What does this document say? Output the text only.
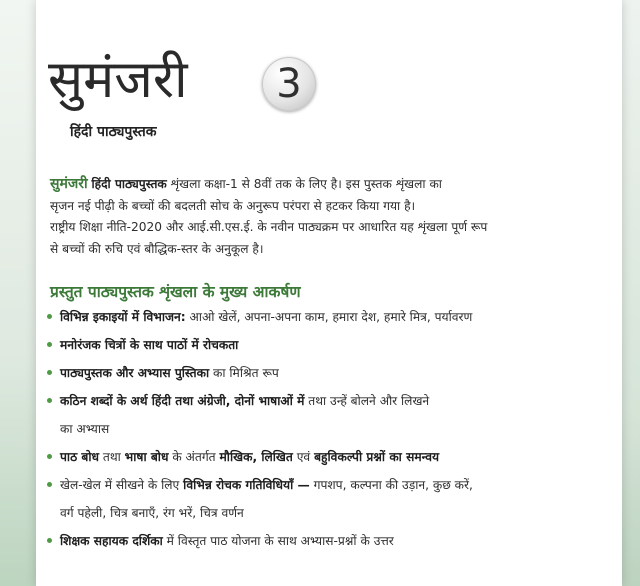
सुमंजरी 3
हिंदी पाठ्यपुस्तक
सुमंजरी हिंदी पाठ्यपुस्तक शृंखला कक्षा-1 से 8वीं तक के लिए है। इस पुस्तक शृंखला का
सृजन नई पीढ़ी के बच्चों की बदलती सोच के अनुरूप परंपरा से हटकर किया गया है।
राष्ट्रीय शिक्षा नीति-2020 और आई.सी.एस.ई. के नवीन पाठ्यक्रम पर आधारित यह शृंखला पूर्ण रूप
से बच्चों की रुचि एवं बौद्धिक-स्तर के अनुकूल है।
प्रस्तुत पाठ्यपुस्तक शृंखला के मुख्य आकर्षण
विभिन्न इकाइयों में विभाजन: आओ खेलें, अपना-अपना काम, हमारा देश, हमारे मित्र, पर्यावरण
मनोरंजक चित्रों के साथ पाठों में रोचकता
पाठ्यपुस्तक और अभ्यास पुस्तिका का मिश्रित रूप
कठिन शब्दों के अर्थ हिंदी तथा अंग्रेजी, दोनों भाषाओं में तथा उन्हें बोलने और लिखने
का अभ्यास
पाठ बोध तथा भाषा बोध के अंतर्गत मौखिक, लिखित एवं बहुविकल्पी प्रश्नों का समन्वय
खेल-खेल में सीखने के लिए विभिन्न रोचक गतिविधियाँ — गपशप, कल्पना की उड़ान, कुछ करें,
वर्ग पहेली, चित्र बनाएँ, रंग भरें, चित्र वर्णन
शिक्षक सहायक दर्शिका में विस्तृत पाठ योजना के साथ अभ्यास-प्रश्नों के उत्तर
